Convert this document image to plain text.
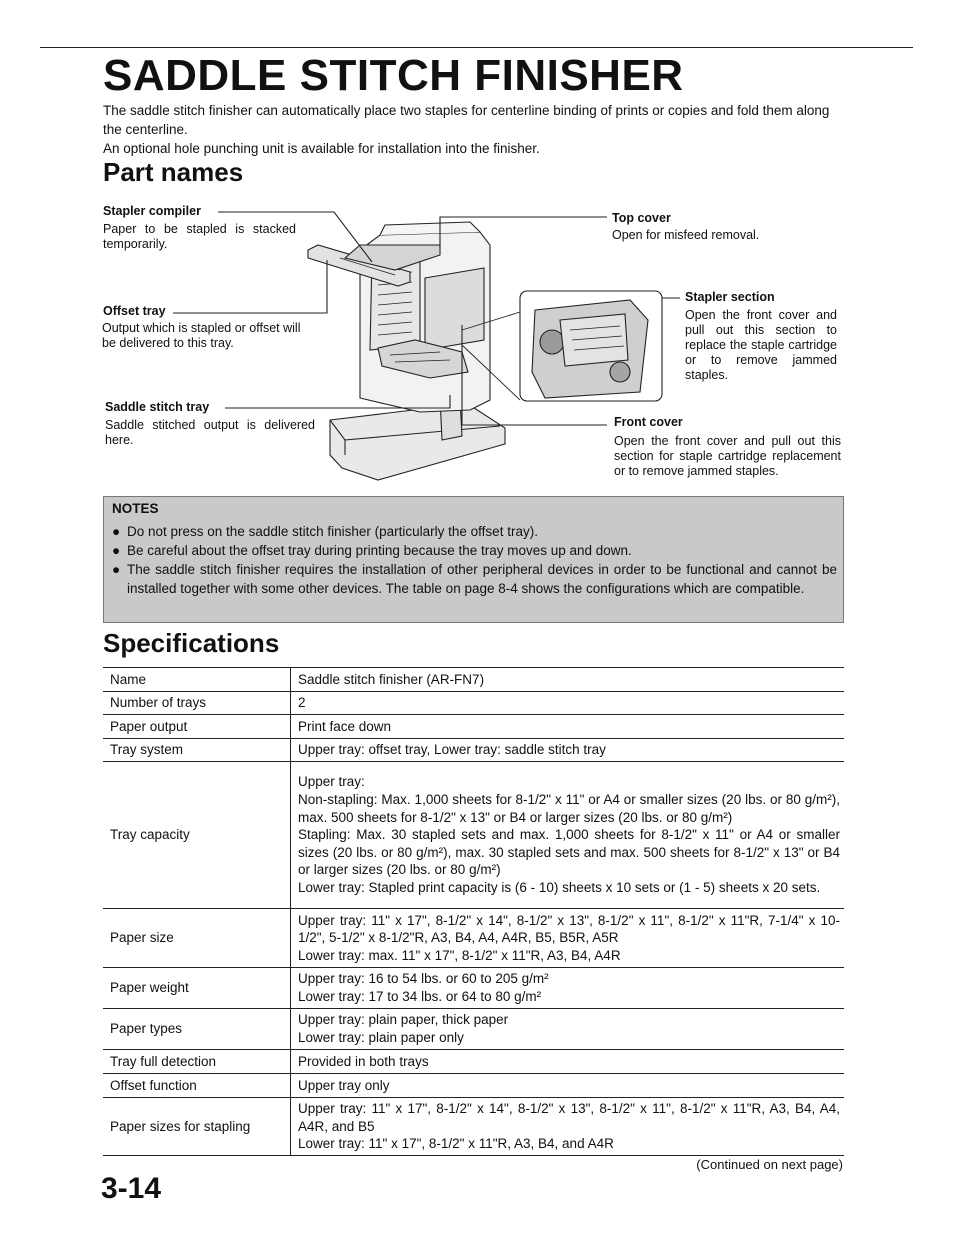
SADDLE STITCH FINISHER
The saddle stitch finisher can automatically place two staples for centerline binding of prints or copies and fold them along the centerline.
An optional hole punching unit is available for installation into the finisher.
Part names
Stapler compiler
Paper to be stapled is stacked temporarily.
Offset tray
Output which is stapled or offset will be delivered to this tray.
Saddle stitch tray
Saddle stitched output is delivered here.
Top cover
Open for misfeed removal.
Stapler section
Open the front cover and pull out this section to replace the staple cartridge or to remove jammed staples.
Front cover
Open the front cover and pull out this section for staple cartridge replacement or to remove jammed staples.
NOTES
● Do not press on the saddle stitch finisher (particularly the offset tray).
● Be careful about the offset tray during printing because the tray moves up and down.
● The saddle stitch finisher requires the installation of other peripheral devices in order to be functional and cannot be installed together with some other devices. The table on page 8-4 shows the configurations which are compatible.
Specifications
Name	Saddle stitch finisher (AR-FN7)

Number of trays	2

Paper output	Print face down

Tray system	Upper tray: offset tray, Lower tray: saddle stitch tray

Tray capacity	Upper tray:
Non-stapling: Max. 1,000 sheets for 8-1/2" x 11" or A4 or smaller sizes (20 lbs. or 80 g/m²), max. 500 sheets for 8-1/2" x 13" or B4 or larger sizes (20 lbs. or 80 g/m²)
Stapling: Max. 30 stapled sets and max. 1,000 sheets for 8-1/2" x 11" or A4 or smaller sizes (20 lbs. or 80 g/m²), max. 30 stapled sets and max. 500 sheets for 8-1/2" x 13" or B4 or larger sizes (20 lbs. or 80 g/m²)
Lower tray: Stapled print capacity is (6 - 10) sheets x 10 sets or (1 - 5) sheets x 20 sets.

Paper size	Upper tray: 11" x 17", 8-1/2" x 14", 8-1/2" x 13", 8-1/2" x 11", 8-1/2" x 11"R, 7-1/4" x 10-1/2", 5-1/2" x 8-1/2"R, A3, B4, A4, A4R, B5, B5R, A5R
Lower tray: max. 11" x 17", 8-1/2" x 11"R, A3, B4, A4R

Paper weight	Upper tray: 16 to 54 lbs. or 60 to 205 g/m²
Lower tray: 17 to 34 lbs. or 64 to 80 g/m²

Paper types	Upper tray: plain paper, thick paper
Lower tray: plain paper only

Tray full detection	Provided in both trays

Offset function	Upper tray only

Paper sizes for stapling	Upper tray: 11" x 17", 8-1/2" x 14", 8-1/2" x 13", 8-1/2" x 11", 8-1/2" x 11"R, A3, B4, A4, A4R, and B5
Lower tray: 11" x 17", 8-1/2" x 11"R, A3, B4, and A4R
(Continued on next page)
3-14
